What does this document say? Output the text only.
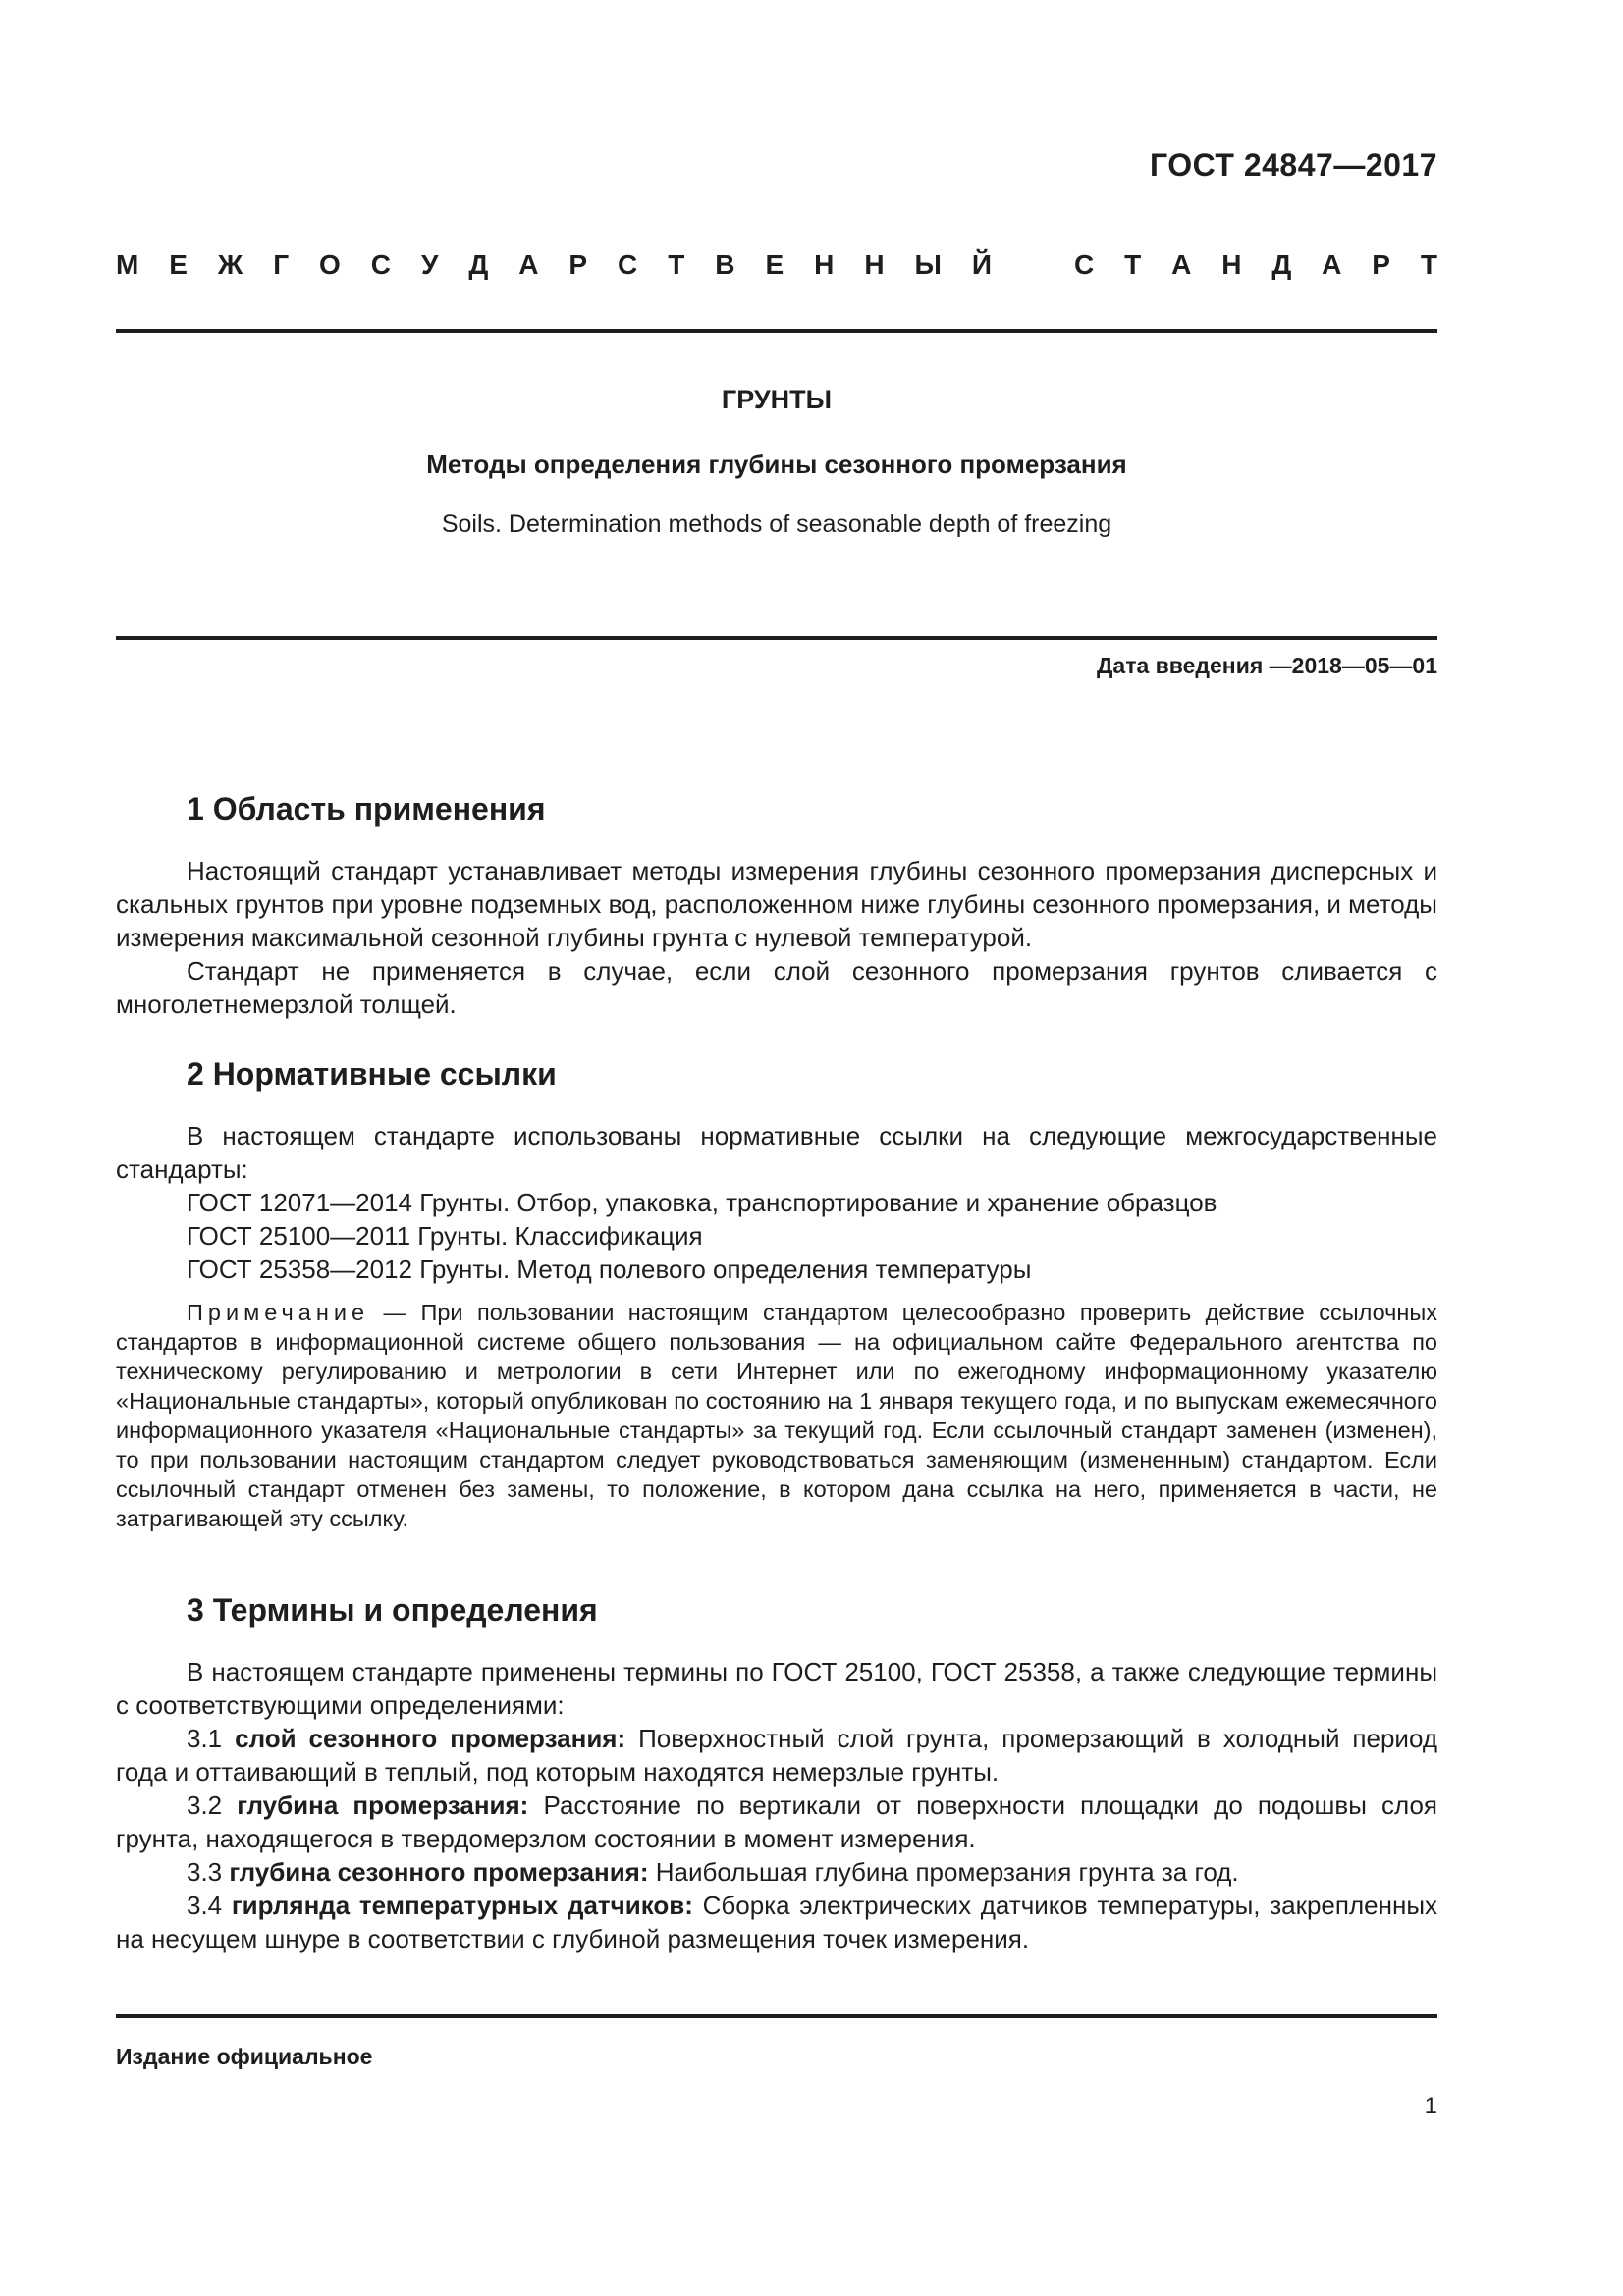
ГОСТ 24847—2017
М Е Ж Г О С У Д А Р С Т В Е Н Н Ы Й	С Т А Н Д А Р Т
ГРУНТЫ
Методы определения глубины сезонного промерзания
Soils. Determination methods of seasonable depth of freezing
Дата введения —2018—05—01
1 Область применения

Настоящий стандарт устанавливает методы измерения глубины сезонного промерзания дисперсных и скальных грунтов при уровне подземных вод, расположенном ниже глубины сезонного промерзания, и методы измерения максимальной сезонной глубины грунта с нулевой температурой.

Стандарт не применяется в случае, если слой сезонного промерзания грунтов сливается с многолетнемерзлой толщей.

2 Нормативные ссылки

В настоящем стандарте использованы нормативные ссылки на следующие межгосударственные стандарты:

ГОСТ 12071—2014 Грунты. Отбор, упаковка, транспортирование и хранение образцов

ГОСТ 25100—2011 Грунты. Классификация

ГОСТ 25358—2012 Грунты. Метод полевого определения температуры

Примечание — При пользовании настоящим стандартом целесообразно проверить действие ссылочных стандартов в информационной системе общего пользования — на официальном сайте Федерального агентства по техническому регулированию и метрологии в сети Интернет или по ежегодному информационному указателю «Национальные стандарты», который опубликован по состоянию на 1 января текущего года, и по выпускам ежемесячного информационного указателя «Национальные стандарты» за текущий год. Если ссылочный стандарт заменен (изменен), то при пользовании настоящим стандартом следует руководствоваться заменяющим (измененным) стандартом. Если ссылочный стандарт отменен без замены, то положение, в котором дана ссылка на него, применяется в части, не затрагивающей эту ссылку.

3 Термины и определения

В настоящем стандарте применены термины по ГОСТ 25100, ГОСТ 25358, а также следующие термины с соответствующими определениями:

3.1 слой сезонного промерзания: Поверхностный слой грунта, промерзающий в холодный период года и оттаивающий в теплый, под которым находятся немерзлые грунты.

3.2 глубина промерзания: Расстояние по вертикали от поверхности площадки до подошвы слоя грунта, находящегося в твердомерзлом состоянии в момент измерения.

3.3 глубина сезонного промерзания: Наибольшая глубина промерзания грунта за год.

3.4 гирлянда температурных датчиков: Сборка электрических датчиков температуры, закрепленных на несущем шнуре в соответствии с глубиной размещения точек измерения.

Издание официальное
1
